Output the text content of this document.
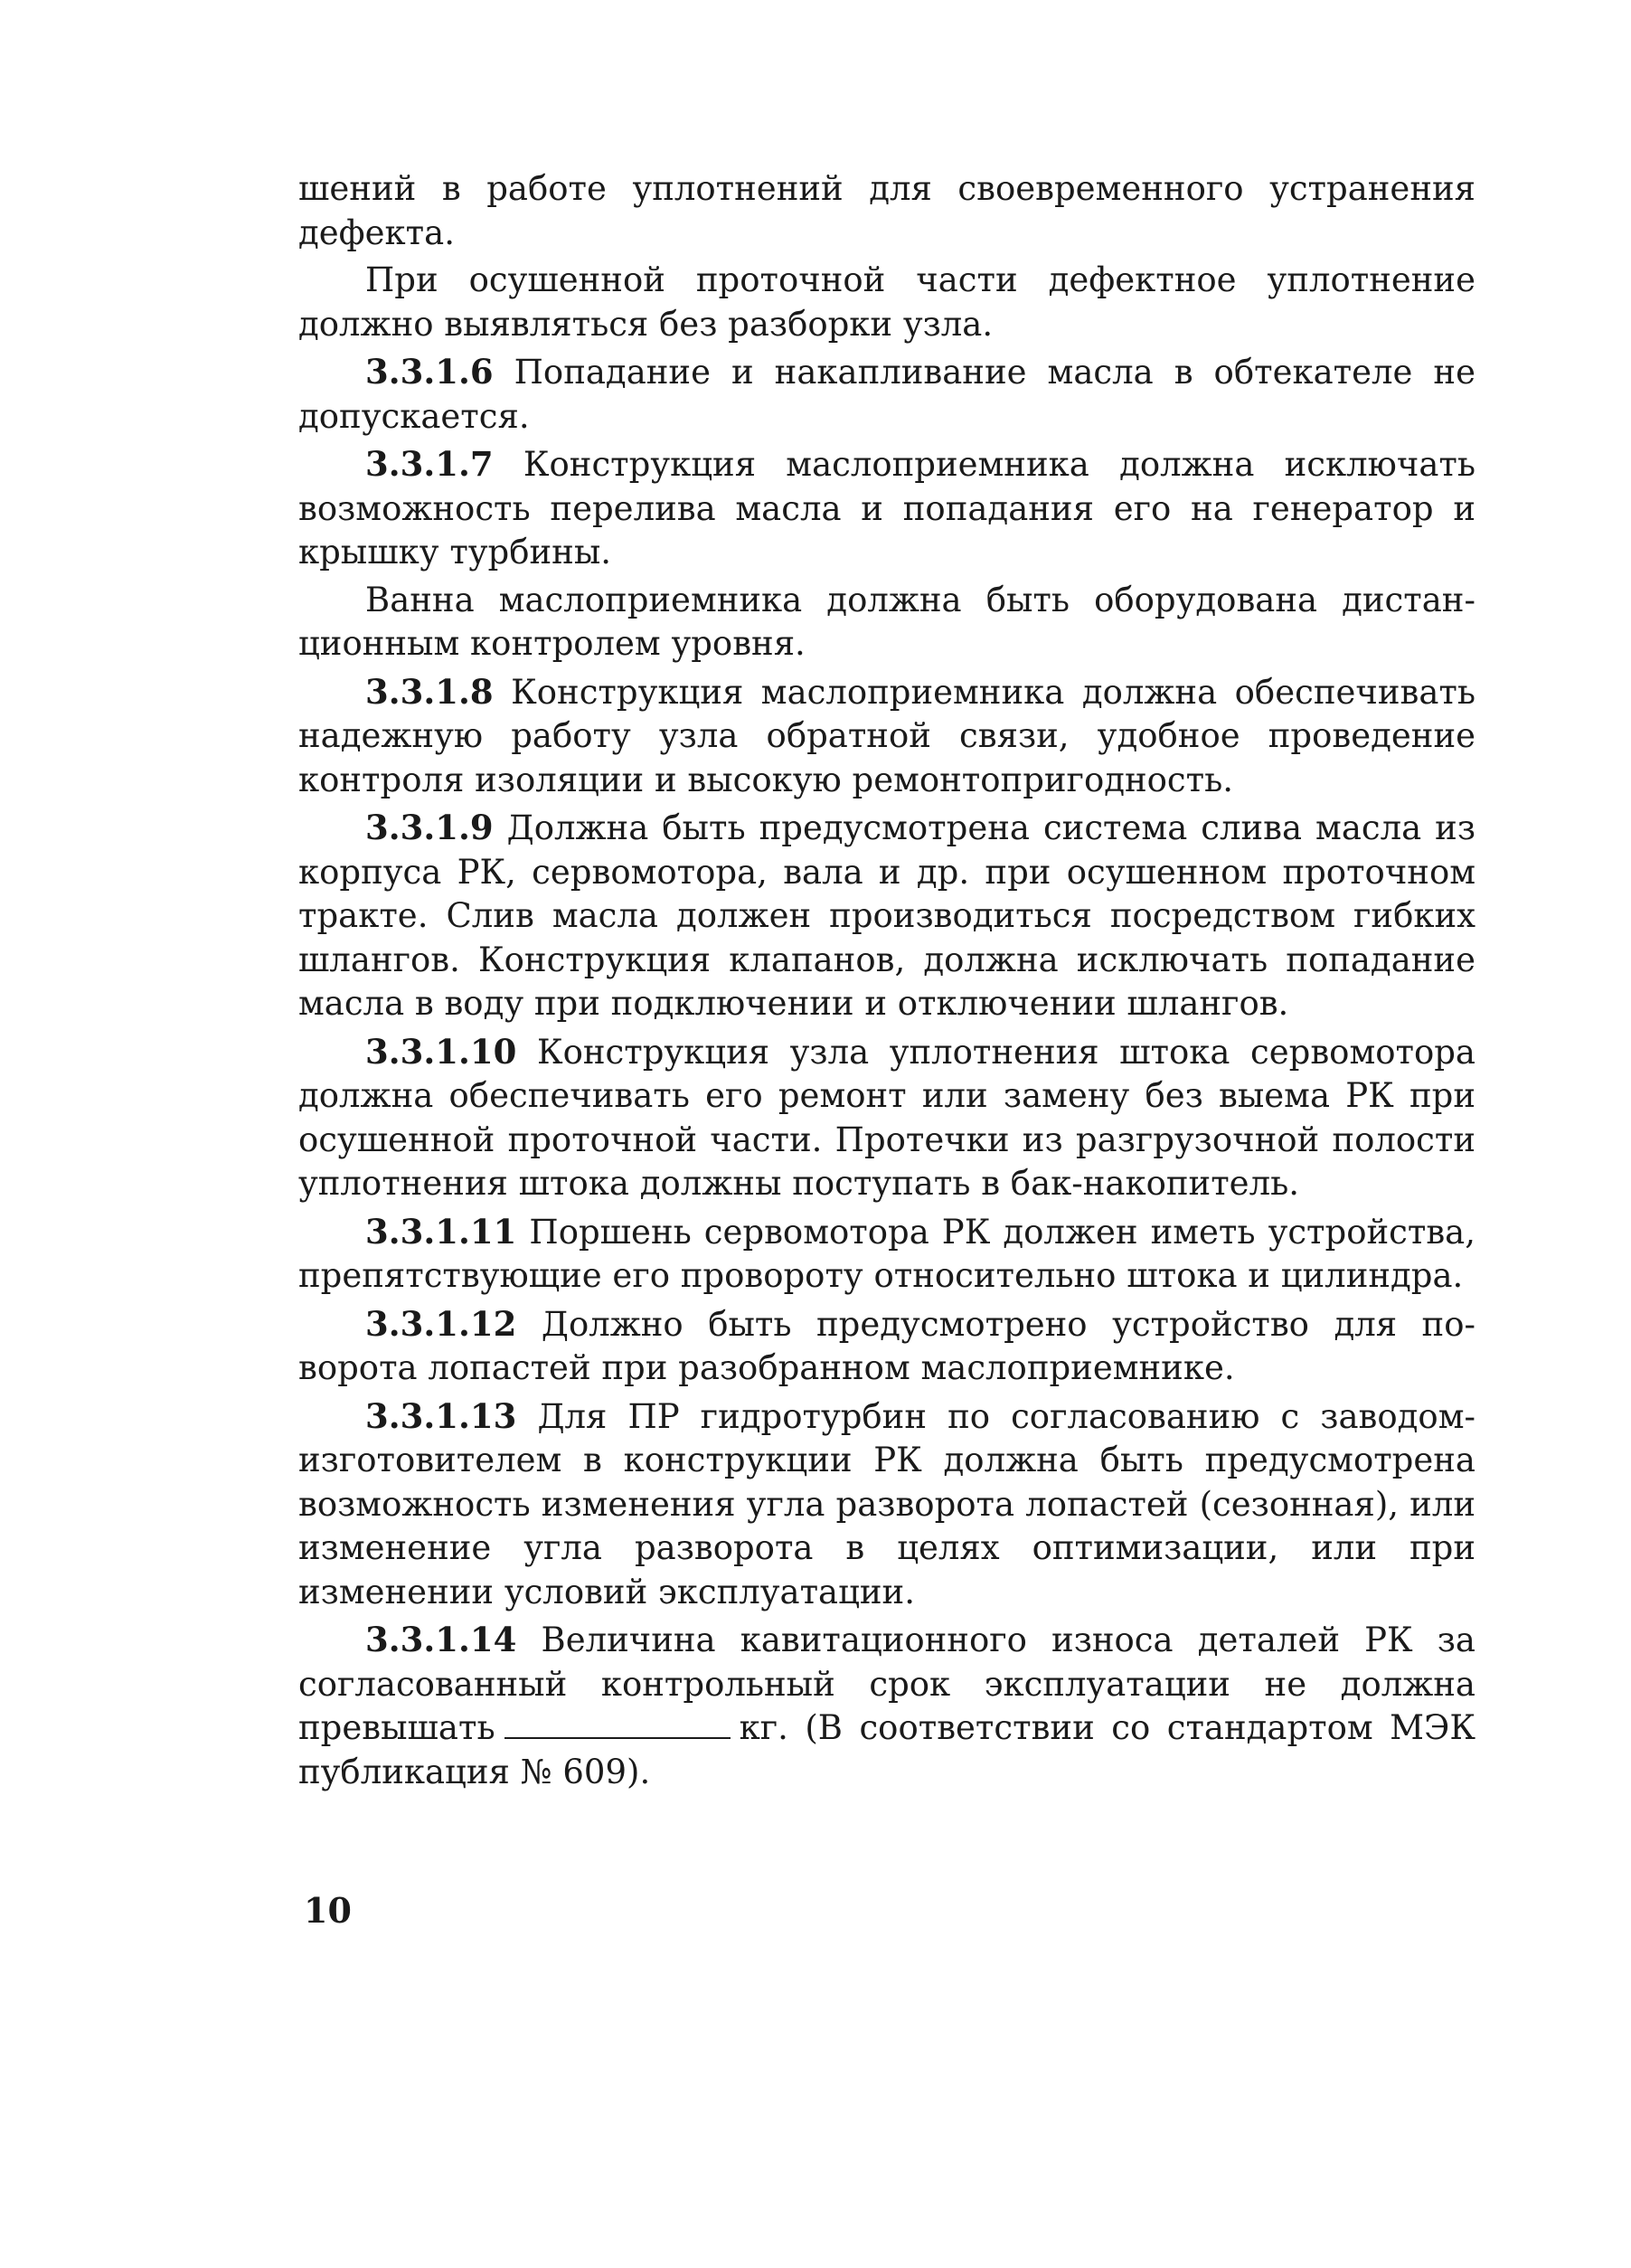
шений в работе уплотнений для своевременного устранения дефекта.

При осушенной проточной части дефектное уплотнение должно выявляться без разборки узла.

3.3.1.6 Попадание и накапливание масла в обтекателе не допускается.

3.3.1.7 Конструкция маслоприемника должна исключать возможность перелива масла и попадания его на генератор и крышку турбины.

Ванна маслоприемника должна быть оборудована дистанционным контролем уровня.

3.3.1.8 Конструкция маслоприемника должна обеспечивать надежную работу узла обратной связи, удобное проведение контроля изоляции и высокую ремонтопригодность.

3.3.1.9 Должна быть предусмотрена система слива масла из корпуса РК, сервомотора, вала и др. при осушенном проточном тракте. Слив масла должен производиться посредством гибких шлангов. Конструкция клапанов, должна исключать попадание масла в воду при подключении и отключении шлангов.

3.3.1.10 Конструкция узла уплотнения штока сервомотора должна обеспечивать его ремонт или замену без выема РК при осушенной проточной части. Протечки из разгрузочной полости уплотнения штока должны поступать в бак-накопитель.

3.3.1.11 Поршень сервомотора РК должен иметь устройства, препятствующие его провороту относительно штока и цилиндра.

3.3.1.12 Должно быть предусмотрено устройство для поворота лопастей при разобранном маслоприемнике.

3.3.1.13 Для ПР гидротурбин по согласованию с заводом-изготовителем в конструкции РК должна быть предусмотрена возможность изменения угла разворота лопастей (сезонная), или изменение угла разворота в целях оптимизации, или при изменении условий эксплуатации.

3.3.1.14 Величина кавитационного износа деталей РК за согласованный контрольный срок эксплуатации не должна превышать	кг. (В соответствии со стандартом МЭК публикация № 609).

10
